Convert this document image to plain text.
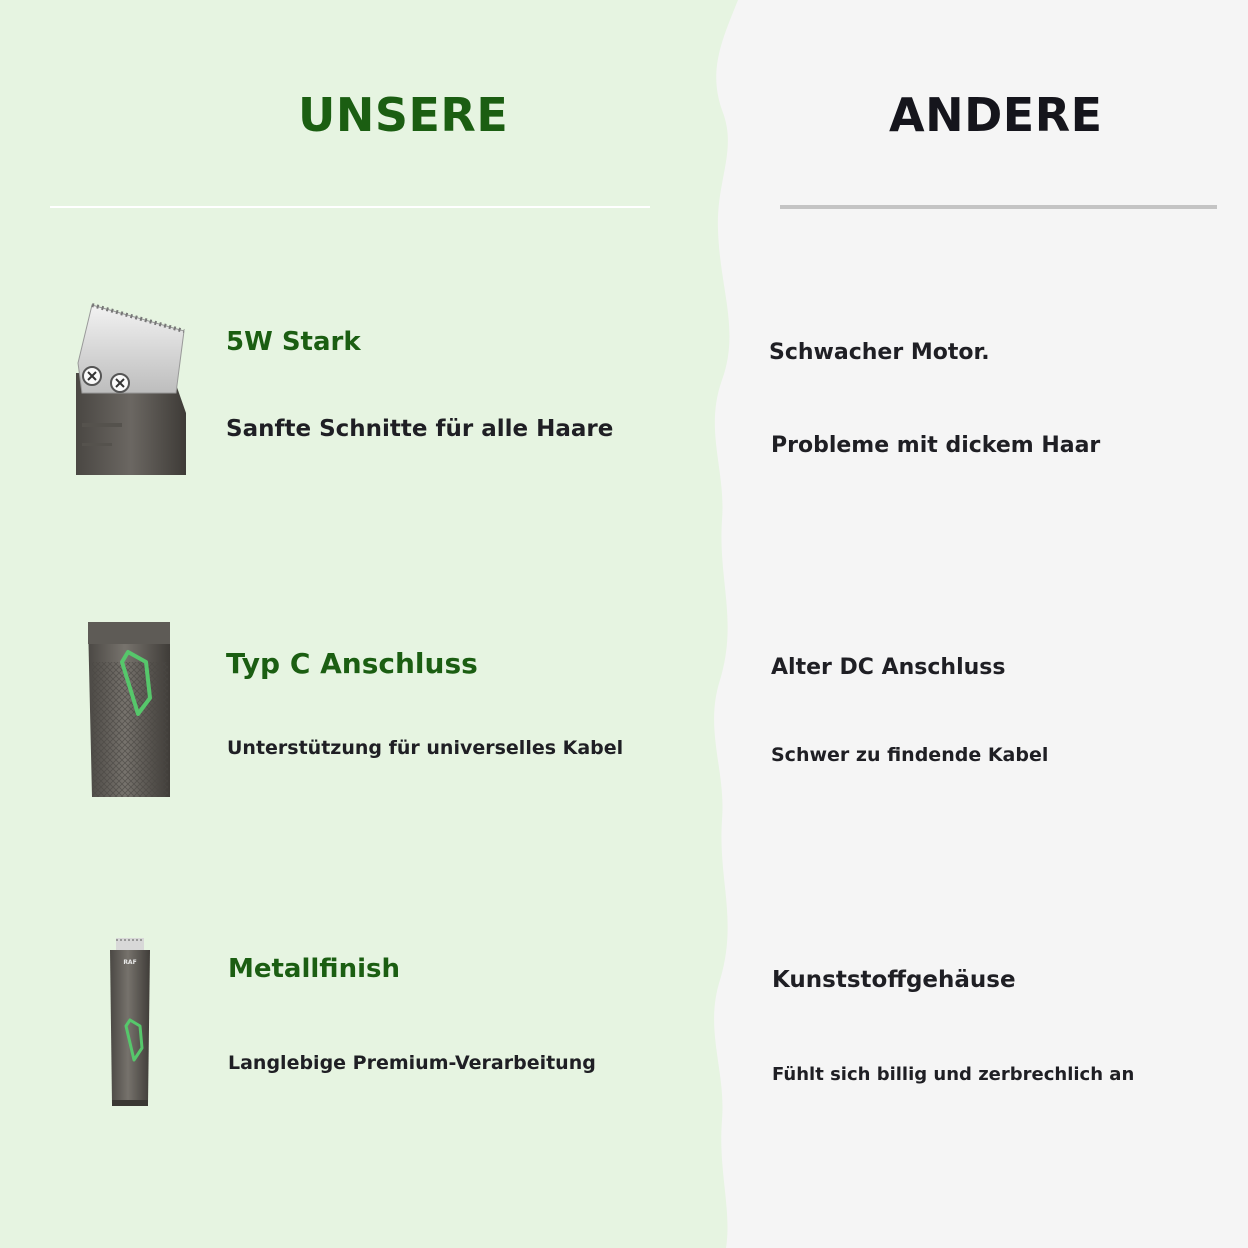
UNSERE	ANDERE
RAF
5W Stark
Sanfte Schnitte für alle Haare
Typ C Anschluss
Unterstützung für universelles Kabel
Metallfinish
Langlebige Premium-Verarbeitung
Schwacher Motor.
Probleme mit dickem Haar
Alter DC Anschluss
Schwer zu findende Kabel
Kunststoffgehäuse
Fühlt sich billig und zerbrechlich an
